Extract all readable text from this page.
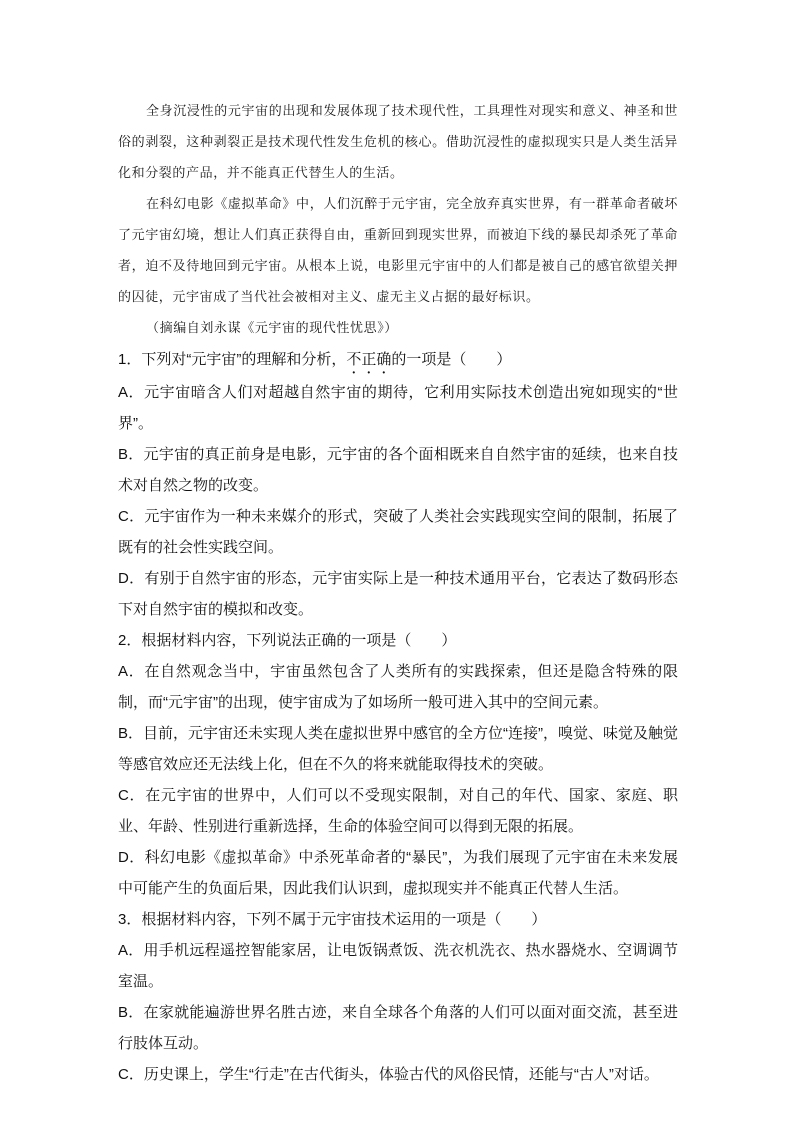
全身沉浸性的元宇宙的出现和发展体现了技术现代性，工具理性对现实和意义、神圣和世俗的剥裂，这种剥裂正是技术现代性发生危机的核心。借助沉浸性的虚拟现实只是人类生活异化和分裂的产品，并不能真正代替生人的生活。

在科幻电影《虚拟革命》中，人们沉醉于元宇宙，完全放弃真实世界，有一群革命者破坏了元宇宙幻境，想让人们真正获得自由，重新回到现实世界，而被迫下线的暴民却杀死了革命者，迫不及待地回到元宇宙。从根本上说，电影里元宇宙中的人们都是被自己的感官欲望关押的囚徒，元宇宙成了当代社会被相对主义、虚无主义占据的最好标识。

（摘编自刘永谋《元宇宙的现代性忧思》）

1．下列对“元宇宙”的理解和分析，不正确的一项是（　　）

A．元宇宙暗含人们对超越自然宇宙的期待，它利用实际技术创造出宛如现实的“世界”。

B．元宇宙的真正前身是电影，元宇宙的各个面相既来自自然宇宙的延续，也来自技术对自然之物的改变。

C．元宇宙作为一种未来媒介的形式，突破了人类社会实践现实空间的限制，拓展了既有的社会性实践空间。

D．有别于自然宇宙的形态，元宇宙实际上是一种技术通用平台，它表达了数码形态下对自然宇宙的模拟和改变。

2．根据材料内容，下列说法正确的一项是（　　）

A．在自然观念当中，宇宙虽然包含了人类所有的实践探索，但还是隐含特殊的限制，而“元宇宙”的出现，使宇宙成为了如场所一般可进入其中的空间元素。

B．目前，元宇宙还未实现人类在虚拟世界中感官的全方位“连接”，嗅觉、味觉及触觉等感官效应还无法线上化，但在不久的将来就能取得技术的突破。

C．在元宇宙的世界中，人们可以不受现实限制，对自己的年代、国家、家庭、职业、年龄、性别进行重新选择，生命的体验空间可以得到无限的拓展。

D．科幻电影《虚拟革命》中杀死革命者的“暴民”，为我们展现了元宇宙在未来发展中可能产生的负面后果，因此我们认识到，虚拟现实并不能真正代替人生活。

3．根据材料内容，下列不属于元宇宙技术运用的一项是（　　）

A．用手机远程遥控智能家居，让电饭锅煮饭、洗衣机洗衣、热水器烧水、空调调节室温。

B．在家就能遍游世界名胜古迹，来自全球各个角落的人们可以面对面交流，甚至进行肢体互动。

C．历史课上，学生“行走”在古代街头，体验古代的风俗民情，还能与“古人”对话。
